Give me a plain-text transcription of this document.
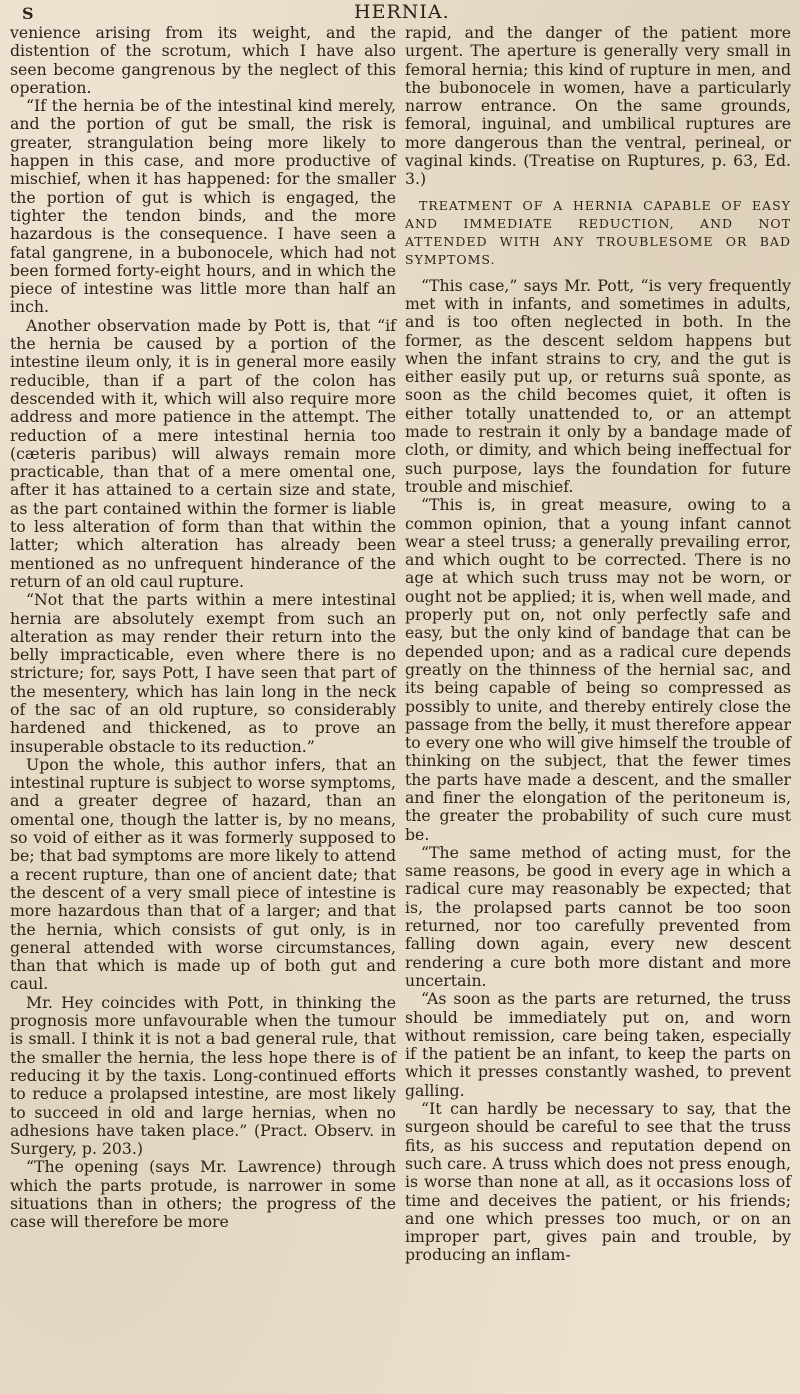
S	HERNIA.

venience arising from its weight, and the distention of the scrotum, which I have also seen become gangrenous by the neglect of this operation.

“If the hernia be of the intestinal kind merely, and the portion of gut be small, the risk is greater, strangulation being more likely to happen in this case, and more productive of mischief, when it has happened: for the smaller the portion of gut is which is engaged, the tighter the tendon binds, and the more hazardous is the consequence. I have seen a fatal gangrene, in a bubonocele, which had not been formed forty-eight hours, and in which the piece of intestine was little more than half an inch.

Another observation made by Pott is, that “if the hernia be caused by a portion of the intestine ileum only, it is in general more easily reducible, than if a part of the colon has descended with it, which will also require more address and more patience in the attempt. The reduction of a mere intestinal hernia too (cæteris paribus) will always remain more practicable, than that of a mere omental one, after it has attained to a certain size and state, as the part contained within the former is liable to less alteration of form than that within the latter; which alteration has already been mentioned as no unfrequent hinderance of the return of an old caul rupture.

“Not that the parts within a mere intestinal hernia are absolutely exempt from such an alteration as may render their return into the belly impracticable, even where there is no stricture; for, says Pott, I have seen that part of the mesentery, which has lain long in the neck of the sac of an old rupture, so considerably hardened and thickened, as to prove an insuperable obstacle to its reduction.”

Upon the whole, this author infers, that an intestinal rupture is subject to worse symptoms, and a greater degree of hazard, than an omental one, though the latter is, by no means, so void of either as it was formerly supposed to be; that bad symptoms are more likely to attend a recent rupture, than one of ancient date; that the descent of a very small piece of intestine is more hazardous than that of a larger; and that the hernia, which consists of gut only, is in general attended with worse circumstances, than that which is made up of both gut and caul.

Mr. Hey coincides with Pott, in thinking the prognosis more unfavourable when the tumour is small. I think it is not a bad general rule, that the smaller the hernia, the less hope there is of reducing it by the taxis. Long-continued efforts to reduce a prolapsed intestine, are most likely to succeed in old and large hernias, when no adhesions have taken place.” (Pract. Observ. in Surgery, p. 203.)

“The opening (says Mr. Lawrence) through which the parts protude, is narrower in some situations than in others; the progress of the case will therefore be more

rapid, and the danger of the patient more urgent. The aperture is generally very small in femoral hernia; this kind of rupture in men, and the bubonocele in women, have a particularly narrow entrance. On the same grounds, femoral, inguinal, and umbilical ruptures are more dangerous than the ventral, perineal, or vaginal kinds. (Treatise on Ruptures, p. 63, Ed. 3.)

TREATMENT OF A HERNIA CAPABLE OF EASY AND IMMEDIATE REDUCTION, AND NOT ATTENDED WITH ANY TROUBLESOME OR BAD SYMPTOMS.

“This case,” says Mr. Pott, “is very frequently met with in infants, and sometimes in adults, and is too often neglected in both. In the former, as the descent seldom happens but when the infant strains to cry, and the gut is either easily put up, or returns suâ sponte, as soon as the child becomes quiet, it often is either totally unattended to, or an attempt made to restrain it only by a bandage made of cloth, or dimity, and which being ineffectual for such purpose, lays the foundation for future trouble and mischief.

“This is, in great measure, owing to a common opinion, that a young infant cannot wear a steel truss; a generally prevailing error, and which ought to be corrected. There is no age at which such truss may not be worn, or ought not be applied; it is, when well made, and properly put on, not only perfectly safe and easy, but the only kind of bandage that can be depended upon; and as a radical cure depends greatly on the thinness of the hernial sac, and its being capable of being so compressed as possibly to unite, and thereby entirely close the passage from the belly, it must therefore appear to every one who will give himself the trouble of thinking on the subject, that the fewer times the parts have made a descent, and the smaller and finer the elongation of the peritoneum is, the greater the probability of such cure must be.

“The same method of acting must, for the same reasons, be good in every age in which a radical cure may reasonably be expected; that is, the prolapsed parts cannot be too soon returned, nor too carefully prevented from falling down again, every new descent rendering a cure both more distant and more uncertain.

“As soon as the parts are returned, the truss should be immediately put on, and worn without remission, care being taken, especially if the patient be an infant, to keep the parts on which it presses constantly washed, to prevent galling.

“It can hardly be necessary to say, that the surgeon should be careful to see that the truss fits, as his success and reputation depend on such care. A truss which does not press enough, is worse than none at all, as it occasions loss of time and deceives the patient, or his friends; and one which presses too much, or on an improper part, gives pain and trouble, by producing an inflam-
